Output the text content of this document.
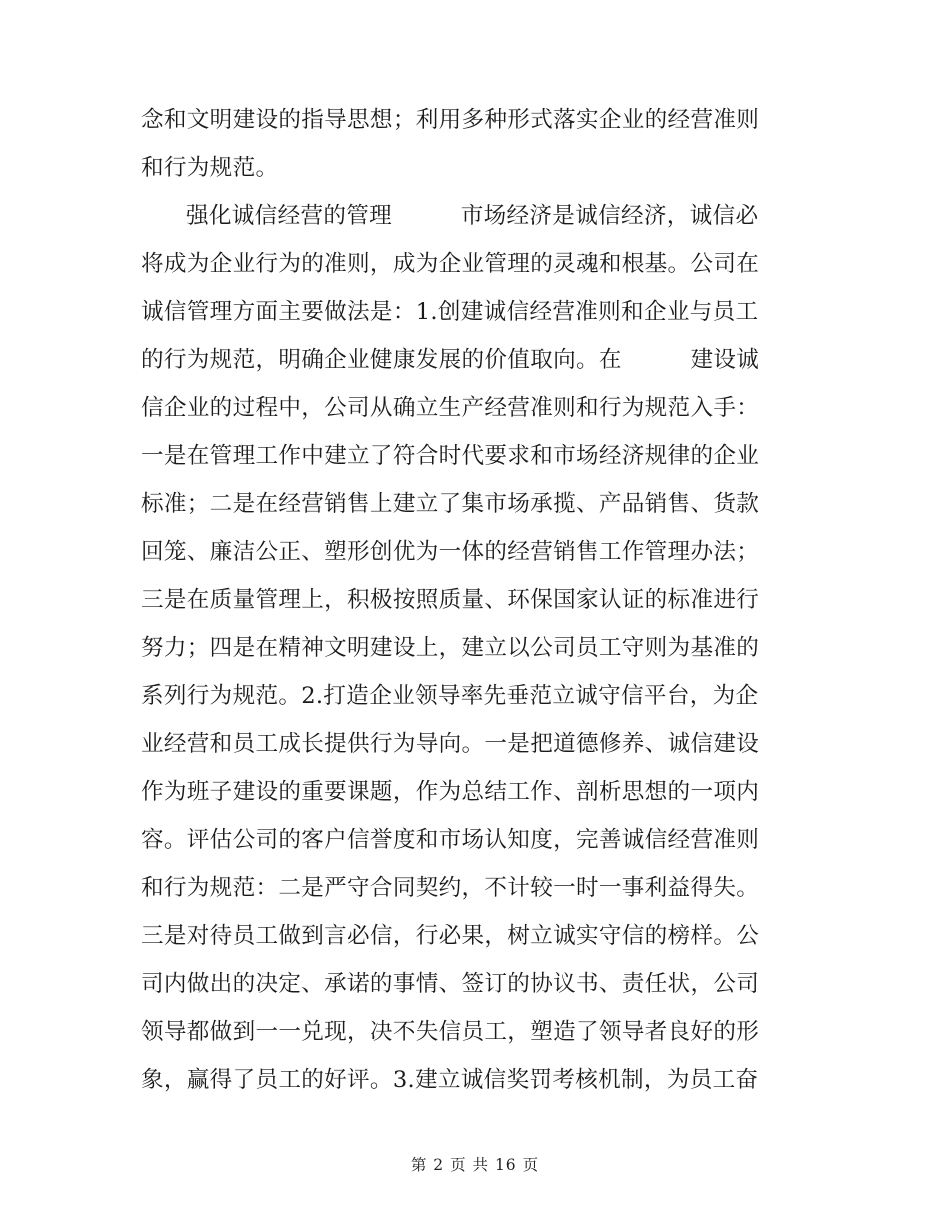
念和文明建设的指导思想；利用多种形式落实企业的经营准则
和行为规范。
强化诚信经营的管理　　　市场经济是诚信经济，诚信必
将成为企业行为的准则，成为企业管理的灵魂和根基。公司在
诚信管理方面主要做法是：1.创建诚信经营准则和企业与员工
的行为规范，明确企业健康发展的价值取向。在　　　建设诚
信企业的过程中，公司从确立生产经营准则和行为规范入手：
一是在管理工作中建立了符合时代要求和市场经济规律的企业
标准；二是在经营销售上建立了集市场承揽、产品销售、货款
回笼、廉洁公正、塑形创优为一体的经营销售工作管理办法；
三是在质量管理上，积极按照质量、环保国家认证的标准进行
努力；四是在精神文明建设上，建立以公司员工守则为基准的
系列行为规范。2.打造企业领导率先垂范立诚守信平台，为企
业经营和员工成长提供行为导向。一是把道德修养、诚信建设
作为班子建设的重要课题，作为总结工作、剖析思想的一项内
容。评估公司的客户信誉度和市场认知度，完善诚信经营准则
和行为规范：二是严守合同契约，不计较一时一事利益得失。
三是对待员工做到言必信，行必果，树立诚实守信的榜样。公
司内做出的决定、承诺的事情、签订的协议书、责任状，公司
领导都做到一一兑现，决不失信员工，塑造了领导者良好的形
象，赢得了员工的好评。3.建立诚信奖罚考核机制，为员工奋
第 2 页 共 16 页
